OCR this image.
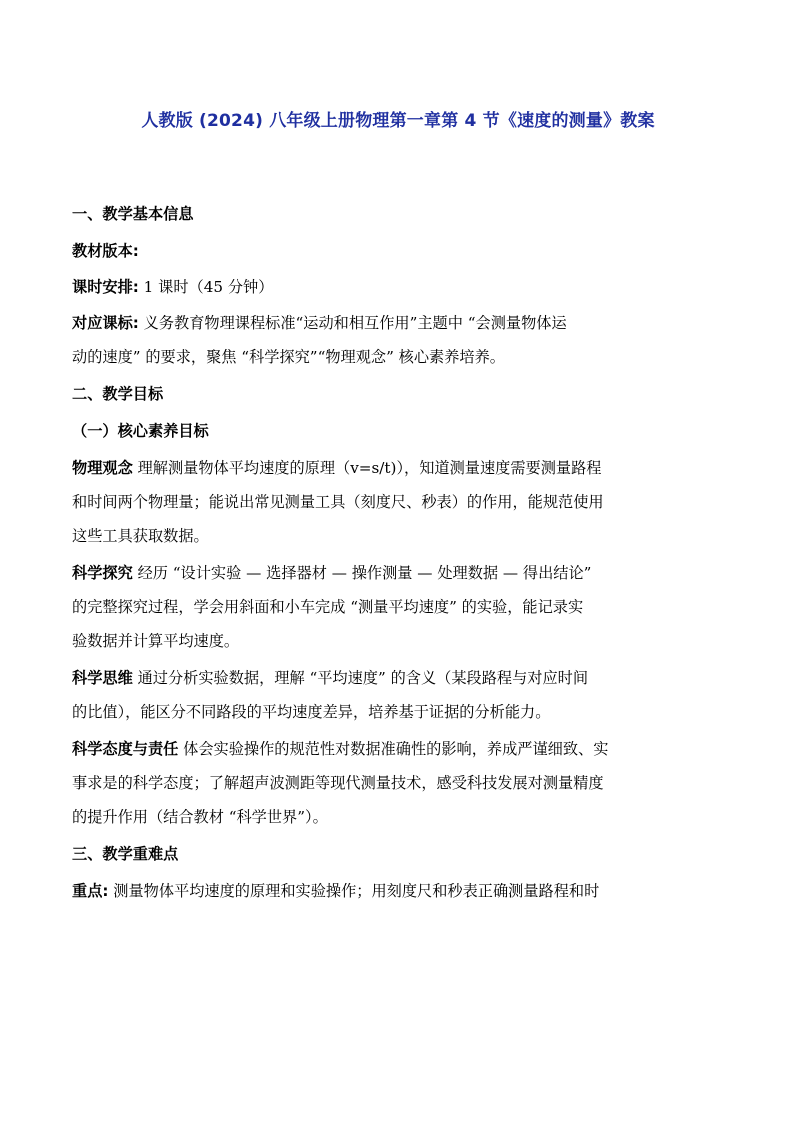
人教版 (2024) 八年级上册物理第一章第 4 节《速度的测量》教案
一、教学基本信息

教材版本:

课时安排: 1 课时（45 分钟）

对应课标: 义务教育物理课程标准“运动和相互作用”主题中 “会测量物体运

动的速度” 的要求，聚焦 “科学探究”“物理观念” 核心素养培养。

二、教学目标
（一）核心素养目标

物理观念 理解测量物体平均速度的原理（v=s/t)），知道测量速度需要测量路程

和时间两个物理量；能说出常见测量工具（刻度尺、秒表）的作用，能规范使用

这些工具获取数据。

科学探究 经历 “设计实验 — 选择器材 — 操作测量 — 处理数据 — 得出结论”

的完整探究过程，学会用斜面和小车完成 “测量平均速度” 的实验，能记录实

验数据并计算平均速度。

科学思维 通过分析实验数据，理解 “平均速度” 的含义（某段路程与对应时间

的比值），能区分不同路段的平均速度差异，培养基于证据的分析能力。

科学态度与责任 体会实验操作的规范性对数据准确性的影响，养成严谨细致、实

事求是的科学态度；了解超声波测距等现代测量技术，感受科技发展对测量精度

的提升作用（结合教材 “科学世界”）。

三、教学重难点

重点: 测量物体平均速度的原理和实验操作；用刻度尺和秒表正确测量路程和时
